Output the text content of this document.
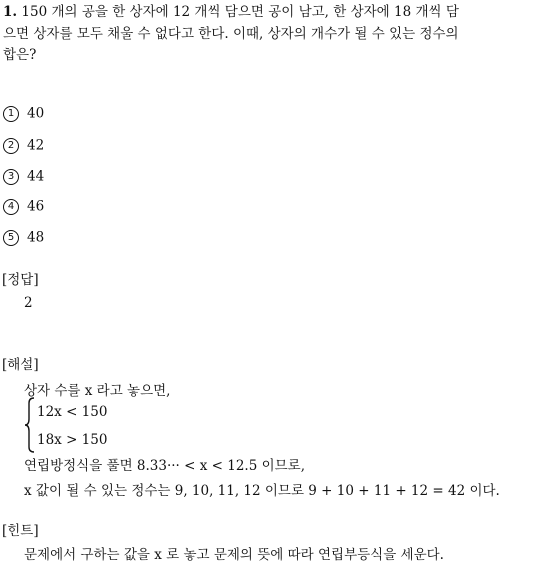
1. 150 개의 공을 한 상자에 12 개씩 담으면 공이 남고, 한 상자에 18 개씩 담
으면 상자를 모두 채울 수 없다고 한다. 이때, 상자의 개수가 될 수 있는 정수의
합은?
1 40
2 42
3 44
4 46
5 48
[정답]
2
[해설]
상자 수를 x 라고 놓으면,
12x < 150
18x > 150
연립방정식을 풀면 8.33··· < x < 12.5 이므로,
x 값이 될 수 있는 정수는 9, 10, 11, 12 이므로 9 + 10 + 11 + 12 = 42 이다.
[힌트]
문제에서 구하는 값을 x 로 놓고 문제의 뜻에 따라 연립부등식을 세운다.
